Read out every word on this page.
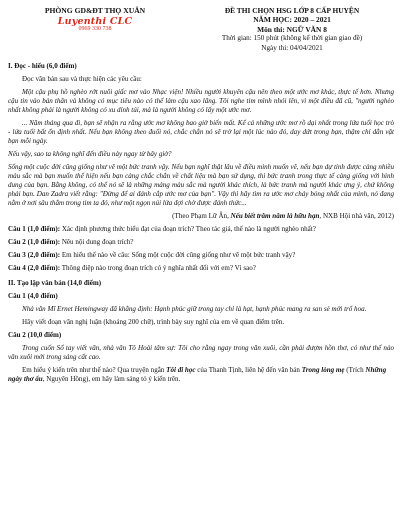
PHÒNG GD&ĐT THỌ XUÂN
Luyenthi CLC
0969 330 738
ĐỀ THI CHỌN HSG LỚP 8 CẤP HUYỆN
NĂM HỌC: 2020 – 2021
Môn thi: NGỮ VĂN 8
Thời gian: 150 phút (không kể thời gian giao đề)
Ngày thi: 04/04/2021

I. Đọc - hiểu (6,0 điểm)

Đọc văn bản sau và thực hiện các yêu cầu:

Một cậu phụ hồ nghèo rớt nuôi giấc mơ vào Nhạc viện! Nhiều người khuyên cậu nên theo một ước mơ khác, thực tế hơn. Nhưng cậu tin vào bản thân và không có mục tiêu nào có thể làm cậu xao lãng. Tôi nghe tim mình nhói lên, vì một điều đã cũ, "người nghèo nhất không phải là người không có xu dính túi, mà là người không có lấy một ước mơ.

... Năm tháng qua đi, bạn sẽ nhận ra rằng ước mơ không bao giờ biến mất. Kể cả những ước mơ rồ dại nhất trong lứa tuổi học trò - lứa tuổi bất ổn định nhất. Nếu bạn không theo đuổi nó, chắc chắn nó sẽ trở lại một lúc nào đó, day dứt trong bạn, thậm chí dằn vặt bạn mỗi ngày.

Nếu vậy, sao ta không nghĩ đến điều này ngay từ bây giờ?

Sống một cuộc đời cũng giống như vẽ một bức tranh vậy. Nếu bạn nghĩ thật lâu về điều mình muốn vẽ, nếu bạn dự tính được càng nhiều màu sắc mà bạn muốn thể hiện nếu bạn càng chắc chắn về chất liệu mà bạn sử dụng, thì bức tranh trong thực tế càng giống với hình dung của bạn. Bằng không, có thể nó sẽ là những mảng màu sắc mà người khác thích, là bức tranh mà người khác ưng ý, chứ không phải bạn. Dan Zadra viết rằng: "Đừng để ai đánh cắp ước mơ của bạn". Vậy thì hãy tìm ra ước mơ cháy bỏng nhất của mình, nó đang nằm ở nơi sâu thẳm trong tim ta đó, như một ngọn núi lửa đợi chờ được đánh thức...

(Theo Phạm Lữ Ân, Nếu biết trăm năm là hữu hạn, NXB Hội nhà văn, 2012)

Câu 1 (1,0 điểm): Xác định phương thức biểu đạt của đoạn trích? Theo tác giả, thế nào là người nghèo nhất?

Câu 2 (1,0 điểm): Nêu nội dung đoạn trích?

Câu 3 (2,0 điểm): Em hiểu thế nào về câu: Sống một cuộc đời cũng giống như vẽ một bức tranh vậy?

Câu 4 (2,0 điểm): Thông điệp nào trong đoạn trích có ý nghĩa nhất đối với em? Vì sao?

II. Tạo lập văn bản (14,0 điểm)

Câu 1 (4,0 điểm)

Nhà văn Mĩ Ernet Hemingway đã khẳng định: Hạnh phúc giữ trong tay chỉ là hạt, hạnh phúc mang ra san sẻ mới trổ hoa.

Hãy viết đoạn văn nghị luận (khoảng 200 chữ), trình bày suy nghĩ của em về quan điểm trên.

Câu 2 (10,0 điểm)

Trong cuốn Sổ tay viết văn, nhà văn Tô Hoài tâm sự: Tôi cho rằng ngay trong văn xuôi, cần phải đượm hồn thơ, có như thế nào văn xuôi mới trong sáng cất cao.

Em hiểu ý kiến trên như thế nào? Qua truyện ngắn Tôi đi học của Thanh Tịnh, liên hệ đến văn bản Trong lòng mẹ (Trích Những ngày thơ ấu, Nguyên Hồng), em hãy làm sáng tỏ ý kiến trên.
